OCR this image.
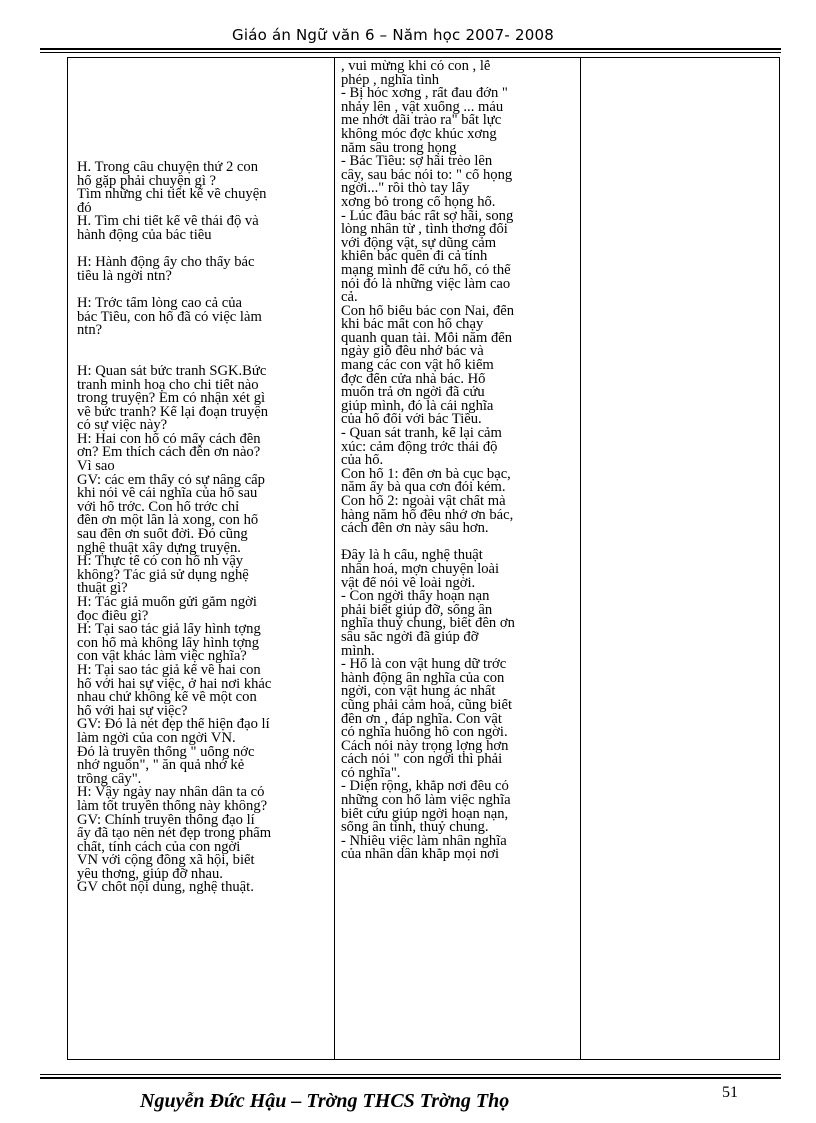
Giáo án Ngữ văn 6 – Năm học 2007- 2008
H. Trong câu chuyện thứ 2 con
hổ gặp phải chuyện gì ?
Tìm những chi tiết kể về chuyện
đó
H. Tìm chi tiết kể về thái độ và
hành động của bác tiều
H: Hành động ấy cho thấy bác
tiều là ngời ntn?
H: Trớc tấm lòng cao cả của
bác Tiều, con hổ đã có việc làm
ntn?
H: Quan sát bức tranh SGK.Bức
tranh minh hoạ cho chi tiết nào
trong truyện? Em có nhận xét gì
về bức tranh? Kể lại đoạn truyện
có sự việc này?
H: Hai con hổ có mấy cách đền
ơn? Em thích cách đền ơn nào?
Vì sao
GV: các em thấy có sự nâng cấp
khi nói về cái nghĩa của hổ sau
với hổ trớc. Con hổ trớc chỉ
đền ơn một lần là xong, con hổ
sau đền ơn suốt đời. Đó cũng
nghệ thuật xây dựng truyện.
H: Thực tế có con hổ nh vậy
không? Tác giả sử dụng nghệ
thuật gì?
H: Tác giả muốn gửi gắm ngời
đọc điều gì?
H: Tại sao tác giả lấy hình tợng
con hổ mà không lấy hình tợng
con vật khác làm việc nghĩa?
H: Tại sao tác giả kể về hai con
hổ với hai sự việc, ở hai nơi khác
nhau chứ không kể về một con
hổ với hai sự việc?
GV: Đó là nét đẹp thể hiện đạo lí
làm ngời của con ngời VN.
Đó là truyền thống " uống nớc
nhớ nguồn", " ăn quả nhớ kẻ
trồng cây".
H: Vậy ngày nay nhân dân ta có
làm tốt truyền thống này không?
GV: Chính truyền thống đạo lí
ấy đã tạo nên nét đẹp trong phẩm
chất, tính cách của con ngời
VN với cộng đồng xã hội, biết
yêu thơng, giúp đỡ nhau.
GV chốt nội dung, nghệ thuật.
, vui mừng khi có con , lễ
phép , nghĩa tình
- Bị hóc xơng , rất đau đớn "
nhảy lên , vật xuống ... máu
me nhớt dãi trào ra" bất lực
không móc đợc khúc xơng
nằm sâu trong họng
- Bác Tiều: sợ hãi trèo lên
cây, sau bác nói to: " cổ họng
ngời..." rồi thò tay lấy
xơng bỏ trong cổ họng hổ.
- Lúc đầu bác rất sợ hãi, song
lòng nhân từ , tình thơng đối
với động vật, sự dũng cảm
khiến bác quên đi cả tính
mạng mình để cứu hổ, có thể
nói đó là những việc làm cao
cả.
Con hổ biếu bác con Nai, đến
khi bác mất con hổ chạy
quanh quan tài. Mỗi năm đến
ngày giỗ đều nhớ bác và
mang các con vật hổ kiếm
đợc đến cửa nhà bác. Hổ
muốn trả ơn ngời đã cứu
giúp mình, đó là cái nghĩa
của hổ đối với bác Tiều.
- Quan sát tranh, kể lại cảm
xúc: cảm động trớc thái độ
của hổ.
Con hổ 1: đền ơn bà cục bạc,
năm ấy bà qua cơn đói kém.
Con hổ 2: ngoài vật chất mà
hàng năm hổ đều nhớ ơn bác,
cách đền ơn này sâu hơn.
Đây là h cấu, nghệ thuật
nhân hoá, mợn chuyện loài
vật để nói về loài ngời.
- Con ngời thấy hoạn nạn
phải biết giúp đỡ, sống ân
nghĩa thuỷ chung, biết đền ơn
sâu sắc ngời đã giúp đỡ
mình.
- Hổ là con vật hung dữ trớc
hành động ân nghĩa của con
ngời, con vật hung ác nhất
cũng phải cảm hoá, cũng biết
đền ơn , đáp nghĩa. Con vật
có nghĩa huống hồ con ngời.
Cách nói này trọng lợng hơn
cách nói " con ngời thì phải
có nghĩa".
- Diện rộng, khắp nơi đều có
những con hổ làm việc nghĩa
biết cứu giúp ngời hoạn nạn,
sống ân tình, thuỷ chung.
- Nhiều việc làm nhân nghĩa
của nhân dân khắp mọi nơi
Nguyễn Đức Hậu – Trờng THCS Trờng Thọ	51
